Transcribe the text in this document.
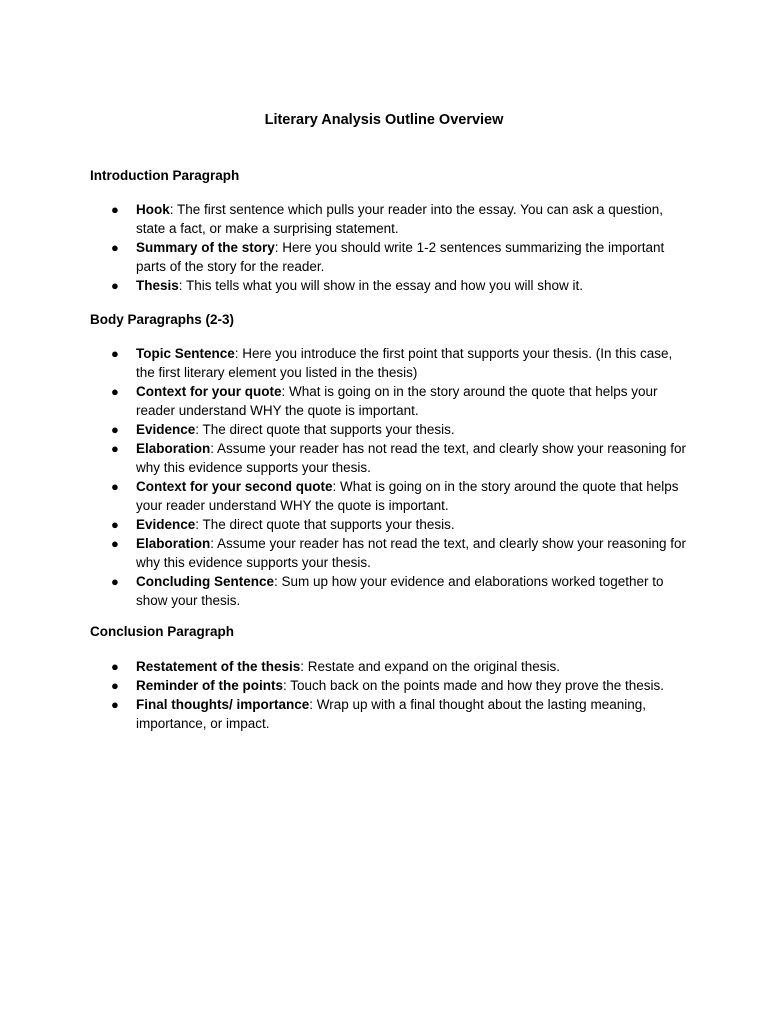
Literary Analysis Outline Overview
Introduction Paragraph
● Hook: The first sentence which pulls your reader into the essay. You can ask a question, state a fact, or make a surprising statement.
● Summary of the story: Here you should write 1-2 sentences summarizing the important parts of the story for the reader.
● Thesis: This tells what you will show in the essay and how you will show it.
Body Paragraphs (2-3)
● Topic Sentence: Here you introduce the first point that supports your thesis. (In this case, the first literary element you listed in the thesis)
● Context for your quote: What is going on in the story around the quote that helps your reader understand WHY the quote is important.
● Evidence: The direct quote that supports your thesis.
● Elaboration: Assume your reader has not read the text, and clearly show your reasoning for why this evidence supports your thesis.
● Context for your second quote: What is going on in the story around the quote that helps your reader understand WHY the quote is important.
● Evidence: The direct quote that supports your thesis.
● Elaboration: Assume your reader has not read the text, and clearly show your reasoning for why this evidence supports your thesis.
● Concluding Sentence: Sum up how your evidence and elaborations worked together to show your thesis.
Conclusion Paragraph
● Restatement of the thesis: Restate and expand on the original thesis.
● Reminder of the points: Touch back on the points made and how they prove the thesis.
● Final thoughts/ importance: Wrap up with a final thought about the lasting meaning, importance, or impact.
